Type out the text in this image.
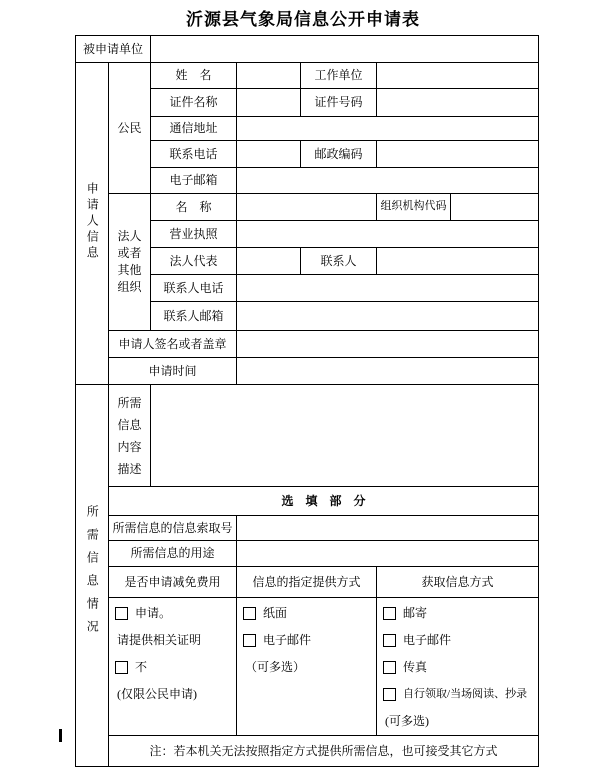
沂源县气象局信息公开申请表
被申请单位						
申请人信息	公民	姓　名		工作单位		
		证件名称		证件号码		
		通信地址				
		联系电话		邮政编码		
		电子邮箱				

	法人
或者
其他
组织	名　称			组织机构代码	
		营业执照				
		法人代表		联系人		
		联系人电话				
		联系人邮箱				
	申请人签名或者盖章					
	申请时间					
所需信息情况	所需
信息
内容
描述					

	选　填　部　分					
	所需信息的信息索取号					
	所需信息的用途					
	是否申请减免费用		信息的指定提供方式		获取信息方式	

申请。
请提供相关证明
不
(仅限公民申请)

纸面
电子邮件
（可多选）

邮寄
电子邮件
传真
自行领取/当场阅读、抄录
(可多选)

	注：若本机关无法按照指定方式提供所需信息，也可接受其它方式					
